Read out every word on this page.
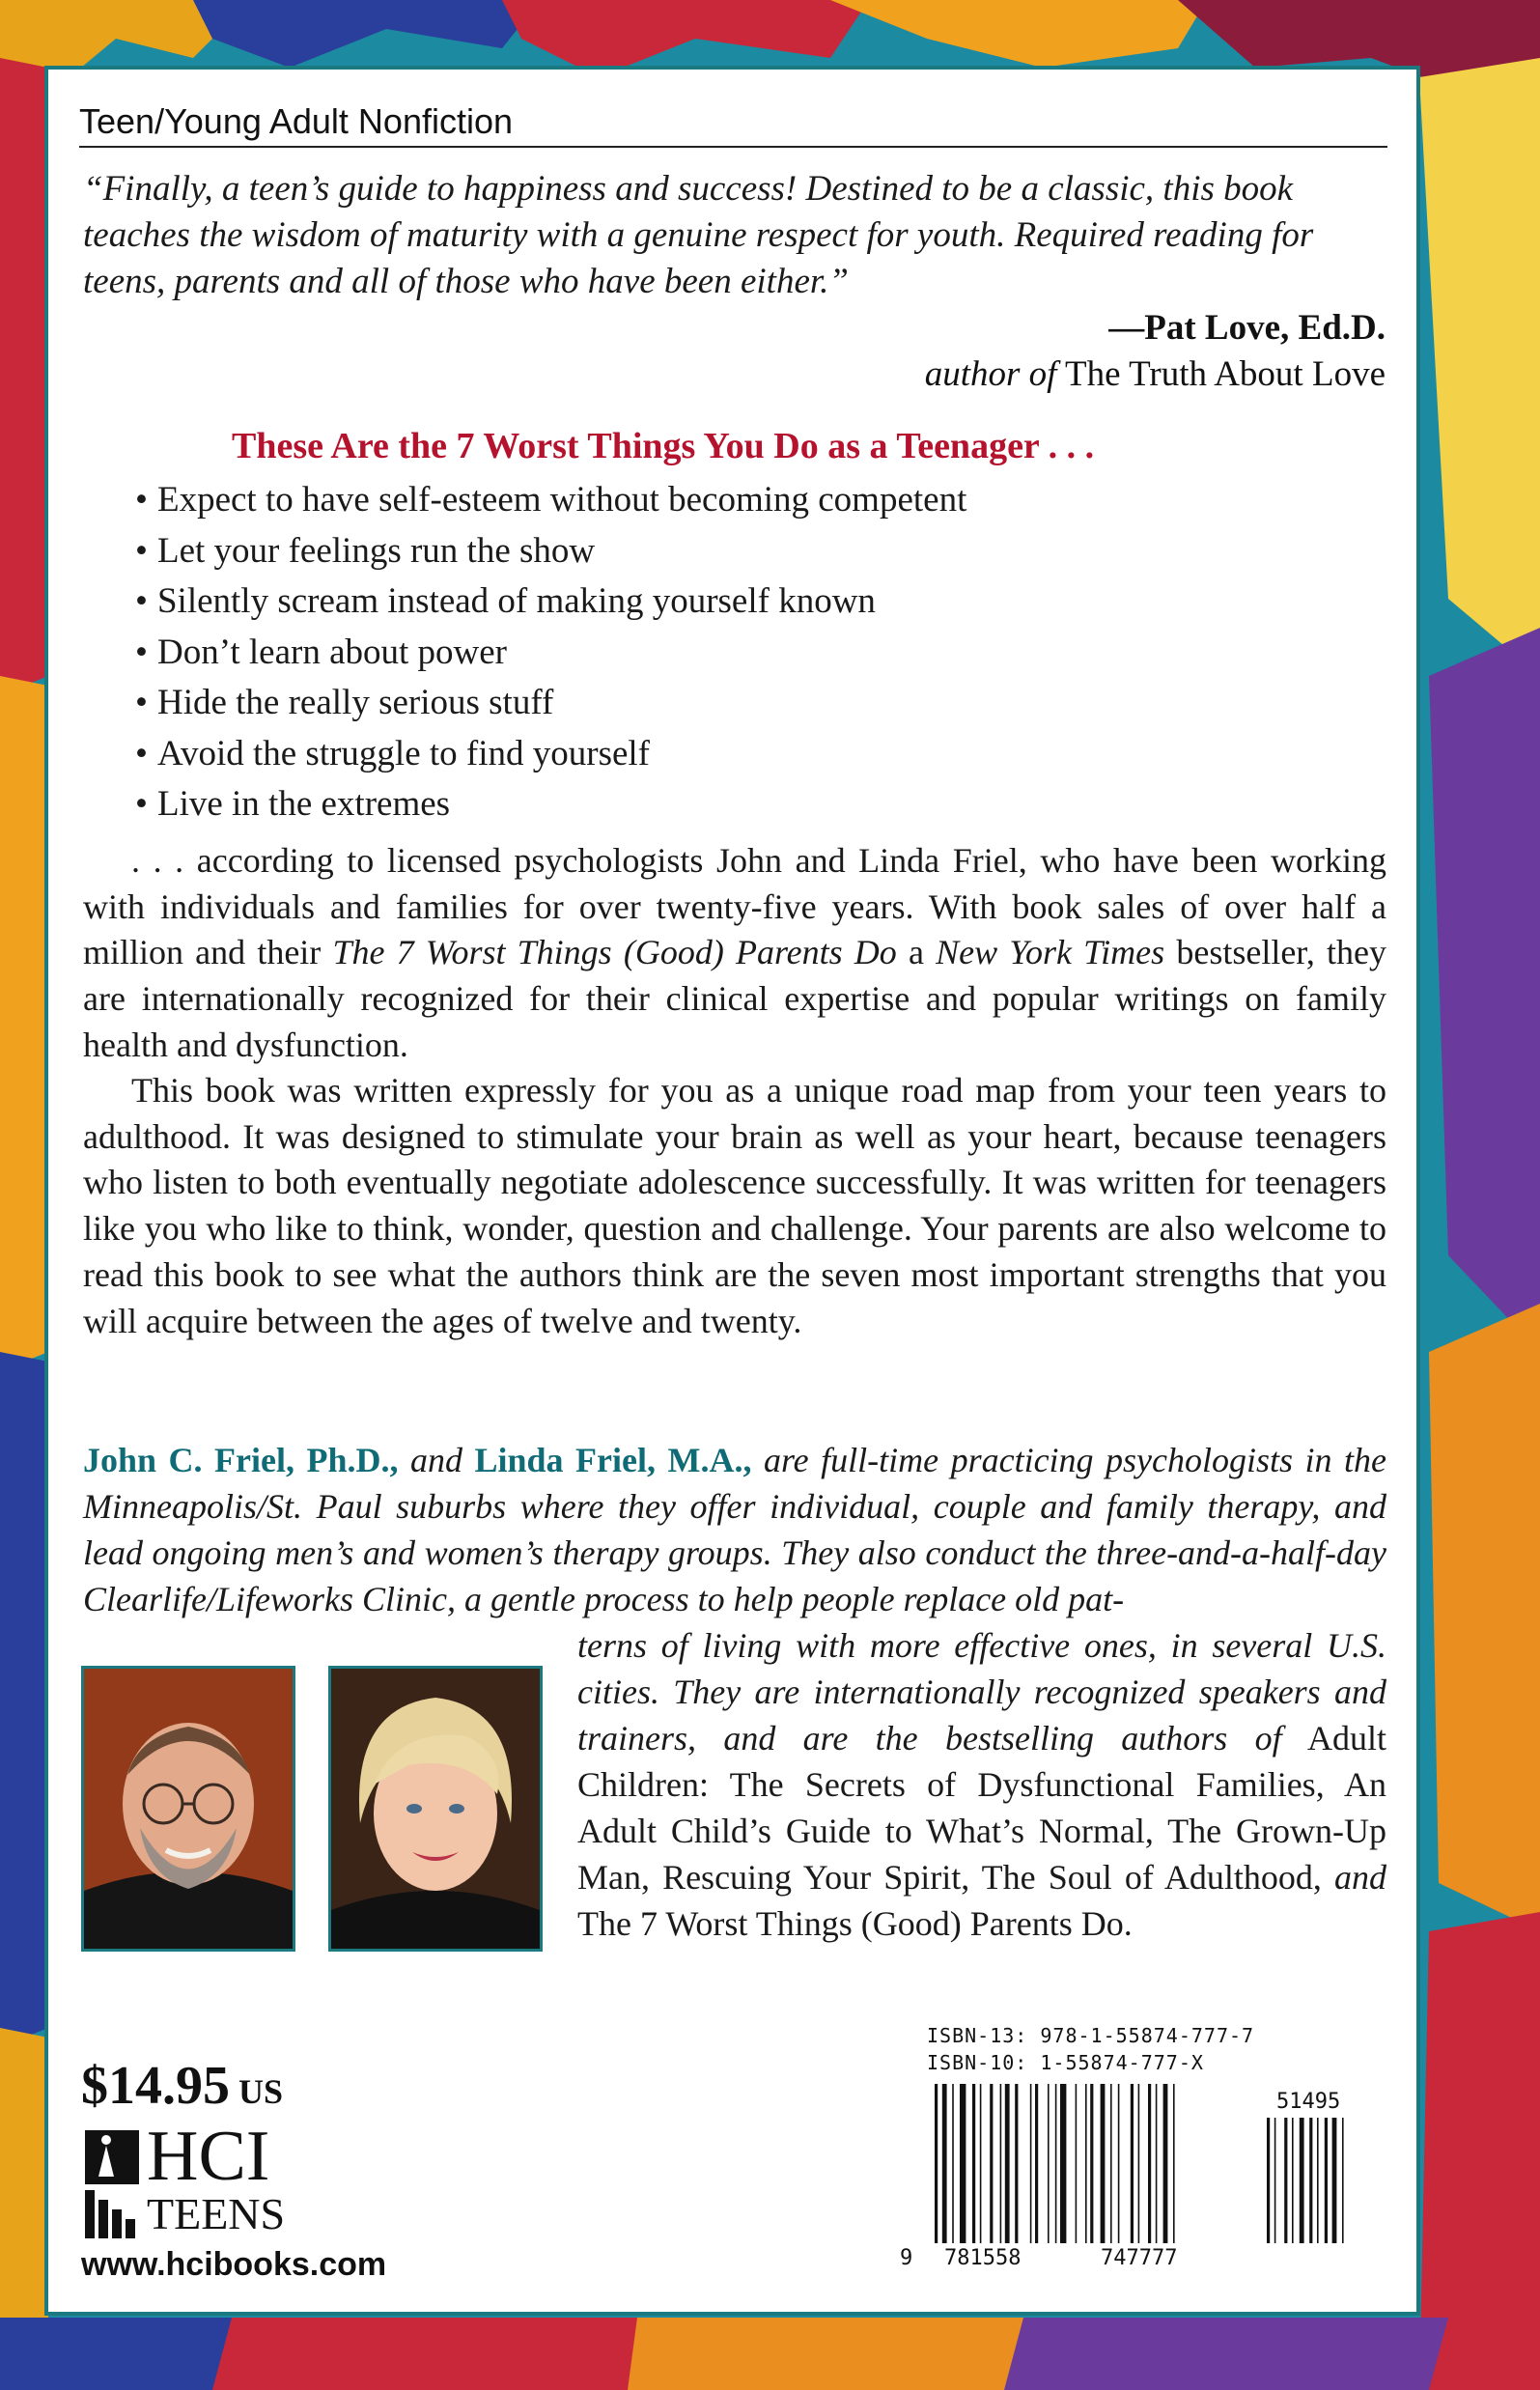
Teen/Young Adult Nonfiction
“Finally, a teen’s guide to happiness and success! Destined to be a classic, this book teaches the wisdom of maturity with a genuine respect for youth. Required reading for teens, parents and all of those who have been either.”
—Pat Love, Ed.D.
author of The Truth About Love
These Are the 7 Worst Things You Do as a Teenager . . .
• Expect to have self-esteem without becoming competent
• Let your feelings run the show
• Silently scream instead of making yourself known
• Don’t learn about power
• Hide the really serious stuff
• Avoid the struggle to find yourself
• Live in the extremes
. . . according to licensed psychologists John and Linda Friel, who have been working with individuals and families for over twenty-five years. With book sales of over half a million and their The 7 Worst Things (Good) Parents Do a New York Times bestseller, they are internationally recognized for their clinical expertise and popular writings on family health and dysfunction.
This book was written expressly for you as a unique road map from your teen years to adulthood. It was designed to stimulate your brain as well as your heart, because teenagers who listen to both eventually negotiate adolescence successfully. It was written for teenagers like you who like to think, wonder, question and challenge. Your parents are also welcome to read this book to see what the authors think are the seven most important strengths that you will acquire between the ages of twelve and twenty.
John C. Friel, Ph.D., and Linda Friel, M.A., are full-time practicing psychologists in the Minneapolis/St. Paul suburbs where they offer individual, couple and family therapy, and lead ongoing men’s and women’s therapy groups. They also conduct the three-and-a-half-day Clearlife/Lifeworks Clinic, a gentle process to help people replace old pat-
terns of living with more effective ones, in several U.S. cities. They are internationally recognized speakers and trainers, and are the bestselling authors of Adult Children: The Secrets of Dysfunctional Families, An Adult Child’s Guide to What’s Normal, The Grown-Up Man, Rescuing Your Spirit, The Soul of Adulthood, and The 7 Worst Things (Good) Parents Do.
$14.95 US
HCI
TEENS
www.hcibooks.com
ISBN-13: 978-1-55874-777-7
ISBN-10: 1-55874-777-X
9 781558	747777
51495
